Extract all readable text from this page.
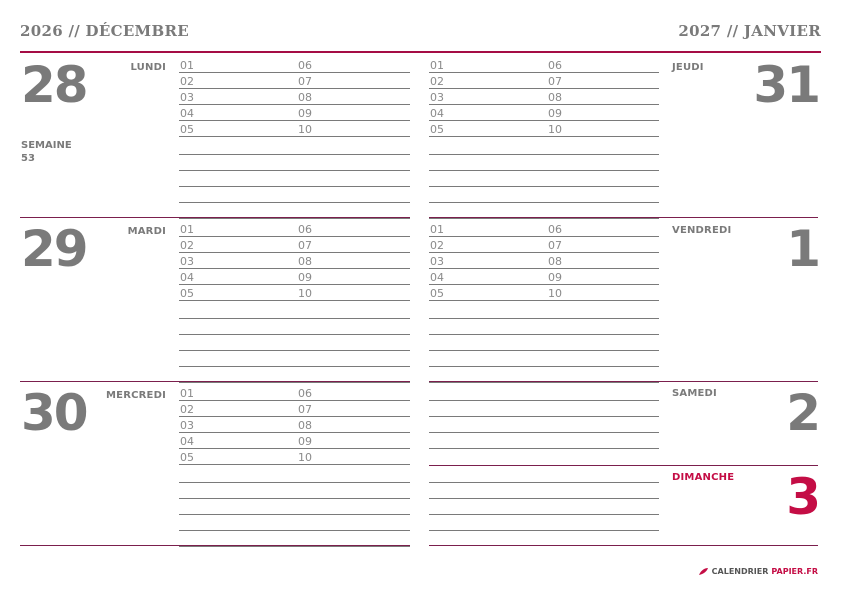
2026 // DÉCEMBRE	2027 // JANVIER
28	LUNDI
SEMAINE
53
29	MARDI
30 MERCREDI
JEUDI 31
VENDREDI 1
SAMEDI 2
DIMANCHE 3
CALENDRIER PAPIER.FR
01	06
02	07
03	08
04	09
05	10
01	06
02	07
03	08
04	09
05	10
01	06
02	07
03	08
04	09
05	10
01	06
02	07
03	08
04	09
05	10
01	06
02	07
03	08
04	09
05	10
